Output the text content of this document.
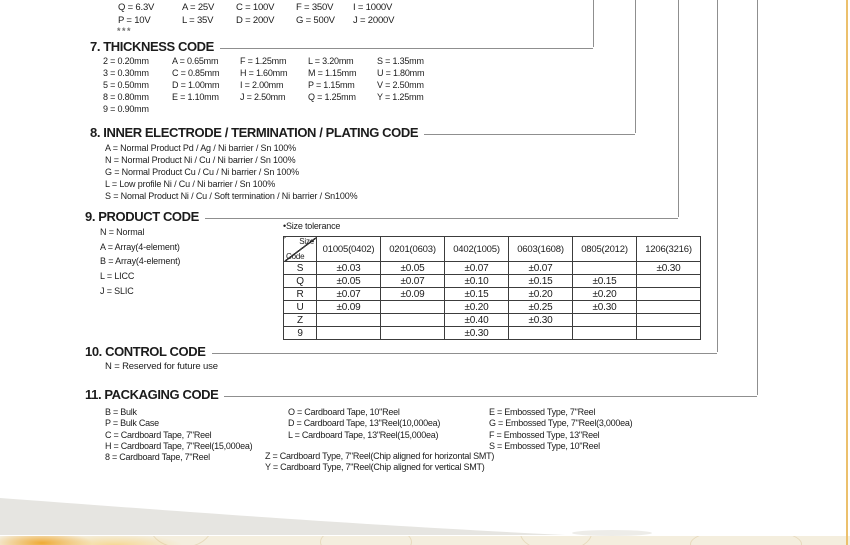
Q = 6.3V	A = 25V	C = 100V	F = 350V	I = 1000V
P = 10V	L = 35V	D = 200V	G = 500V	J = 2000V
***
7. THICKNESS CODE
2 = 0.20mm	A = 0.65mm	F = 1.25mm	L = 3.20mm	S = 1.35mm
3 = 0.30mm	C = 0.85mm	H = 1.60mm	M = 1.15mm	U = 1.80mm
5 = 0.50mm	D = 1.00mm	I = 2.00mm	P = 1.15mm	V = 2.50mm
8 = 0.80mm	E = 1.10mm	J = 2.50mm	Q = 1.25mm	Y = 1.25mm
9 = 0.90mm
8. INNER ELECTRODE / TERMINATION / PLATING CODE
A = Normal Product Pd / Ag / Ni barrier / Sn 100%
N = Normal Product Ni / Cu / Ni barrier / Sn 100%
G = Normal Product Cu / Cu / Ni barrier / Sn 100%
L = Low profile Ni / Cu / Ni barrier / Sn 100%
S = Nomal Product Ni / Cu / Soft termination / Ni barrier / Sn100%
9. PRODUCT CODE
N = Normal
A = Array(4-element)
B = Array(4-element)
L = LICC
J = SLIC
•Size tolerance
Size
Code	01005(0402)	0201(0603)	0402(1005)	0603(1608)	0805(2012)	1206(3216)
S	±0.03	±0.05	±0.07	±0.07		±0.30
Q	±0.05	±0.07	±0.10	±0.15	±0.15	
R	±0.07	±0.09	±0.15	±0.20	±0.20	
U	±0.09		±0.20	±0.25	±0.30	
Z			±0.40	±0.30		
9			±0.30			
10. CONTROL CODE
N = Reserved for future use
11. PACKAGING CODE
B = Bulk
P = Bulk Case
C = Cardboard Tape, 7"Reel
H = Cardboard Tape, 7"Reel(15,000ea)
8 = Cardboard Tape, 7"Reel
O = Cardboard Tape, 10"Reel
D = Cardboard Tape, 13"Reel(10,000ea)
L = Cardboard Tape, 13"Reel(15,000ea)
Z = Cardboard Type, 7"Reel(Chip aligned for horizontal SMT)
Y = Cardboard Type, 7"Reel(Chip aligned for vertical SMT)
E = Embossed Type, 7"Reel
G = Embossed Type, 7"Reel(3,000ea)
F = Embossed Type, 13"Reel
S = Embossed Type, 10"Reel
